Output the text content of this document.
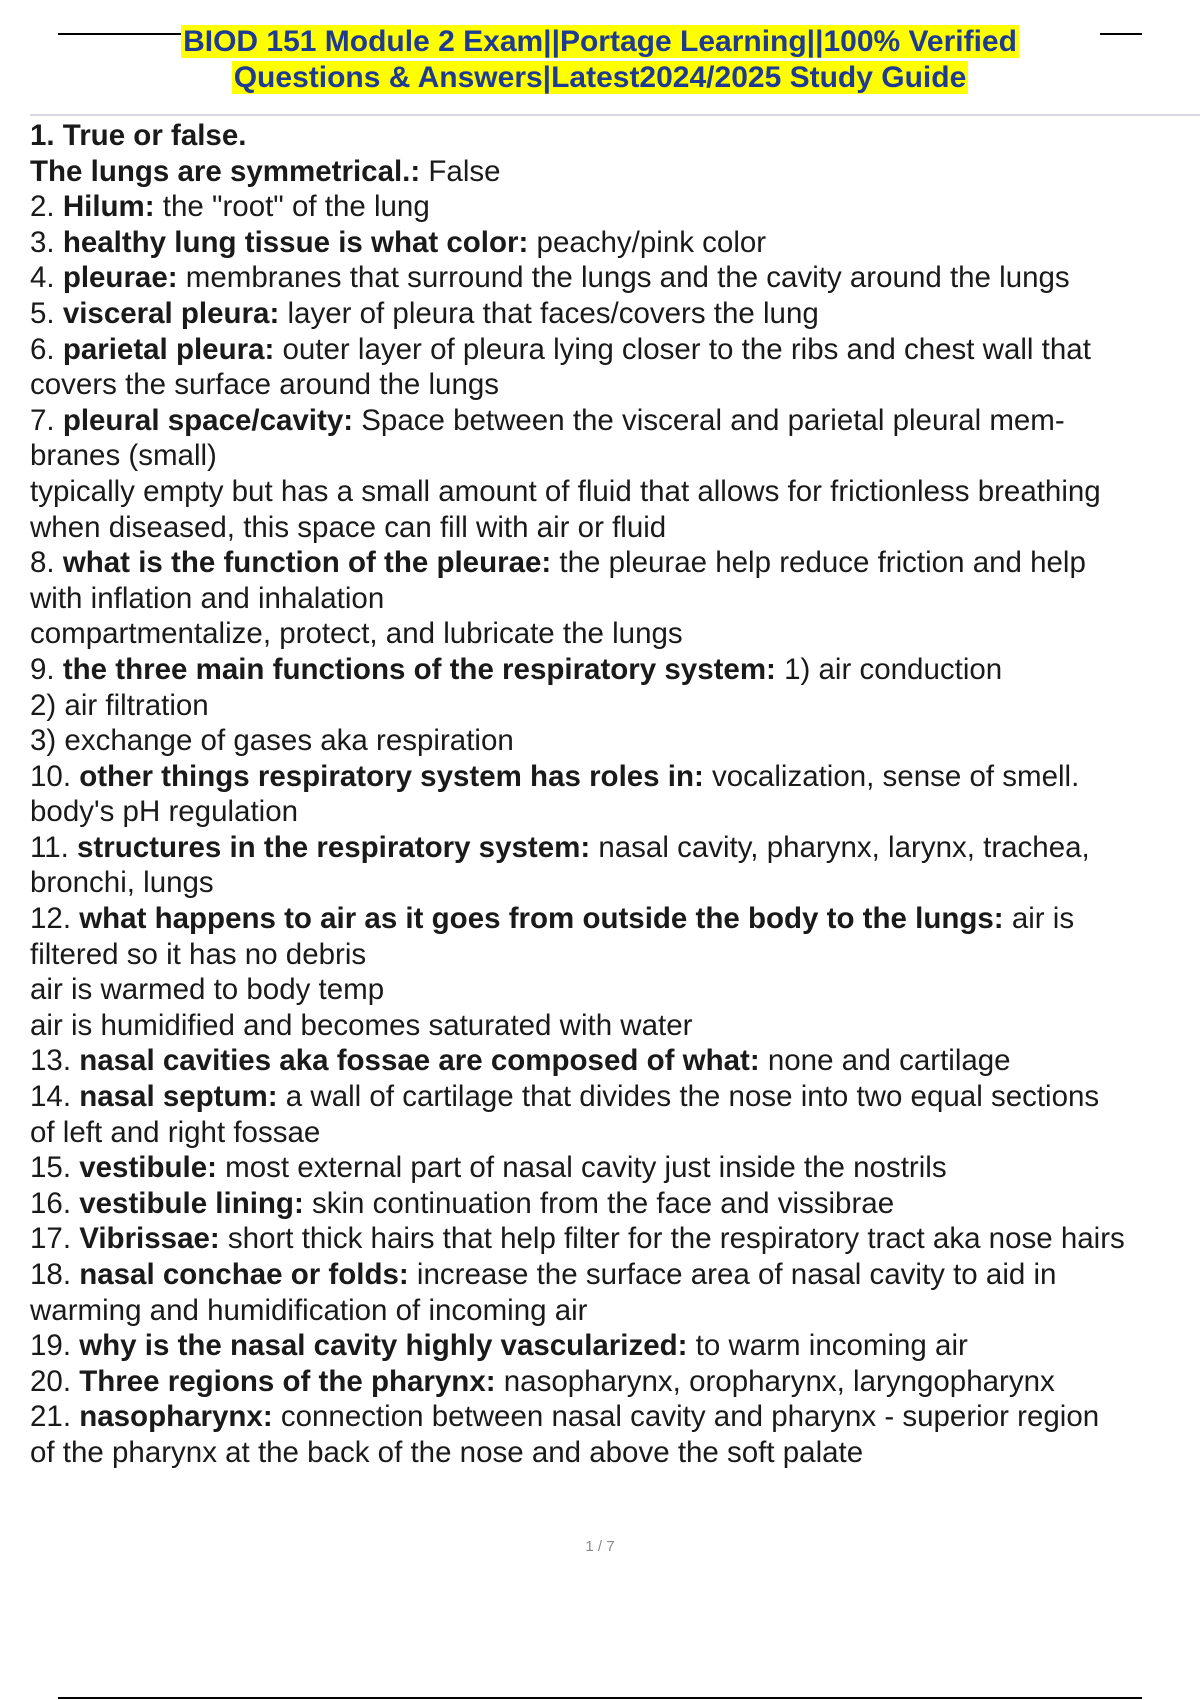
BIOD 151 Module 2 Exam||Portage Learning||100% Verified
Questions & Answers|Latest2024/2025 Study Guide
1. True or false.
The lungs are symmetrical.: False
2. Hilum: the "root" of the lung
3. healthy lung tissue is what color: peachy/pink color
4. pleurae: membranes that surround the lungs and the cavity around the lungs
5. visceral pleura: layer of pleura that faces/covers the lung
6. parietal pleura: outer layer of pleura lying closer to the ribs and chest wall that
covers the surface around the lungs
7. pleural space/cavity: Space between the visceral and parietal pleural mem-
branes (small)
typically empty but has a small amount of fluid that allows for frictionless breathing
when diseased, this space can fill with air or fluid
8. what is the function of the pleurae: the pleurae help reduce friction and help
with inflation and inhalation
compartmentalize, protect, and lubricate the lungs
9. the three main functions of the respiratory system: 1) air conduction
2) air filtration
3) exchange of gases aka respiration
10. other things respiratory system has roles in: vocalization, sense of smell.
body's pH regulation
11. structures in the respiratory system: nasal cavity, pharynx, larynx, trachea,
bronchi, lungs
12. what happens to air as it goes from outside the body to the lungs: air is
filtered so it has no debris
air is warmed to body temp
air is humidified and becomes saturated with water
13. nasal cavities aka fossae are composed of what: none and cartilage
14. nasal septum: a wall of cartilage that divides the nose into two equal sections
of left and right fossae
15. vestibule: most external part of nasal cavity just inside the nostrils
16. vestibule lining: skin continuation from the face and vissibrae
17. Vibrissae: short thick hairs that help filter for the respiratory tract aka nose hairs
18. nasal conchae or folds: increase the surface area of nasal cavity to aid in
warming and humidification of incoming air
19. why is the nasal cavity highly vascularized: to warm incoming air
20. Three regions of the pharynx: nasopharynx, oropharynx, laryngopharynx
21. nasopharynx: connection between nasal cavity and pharynx - superior region
of the pharynx at the back of the nose and above the soft palate
1 / 7
